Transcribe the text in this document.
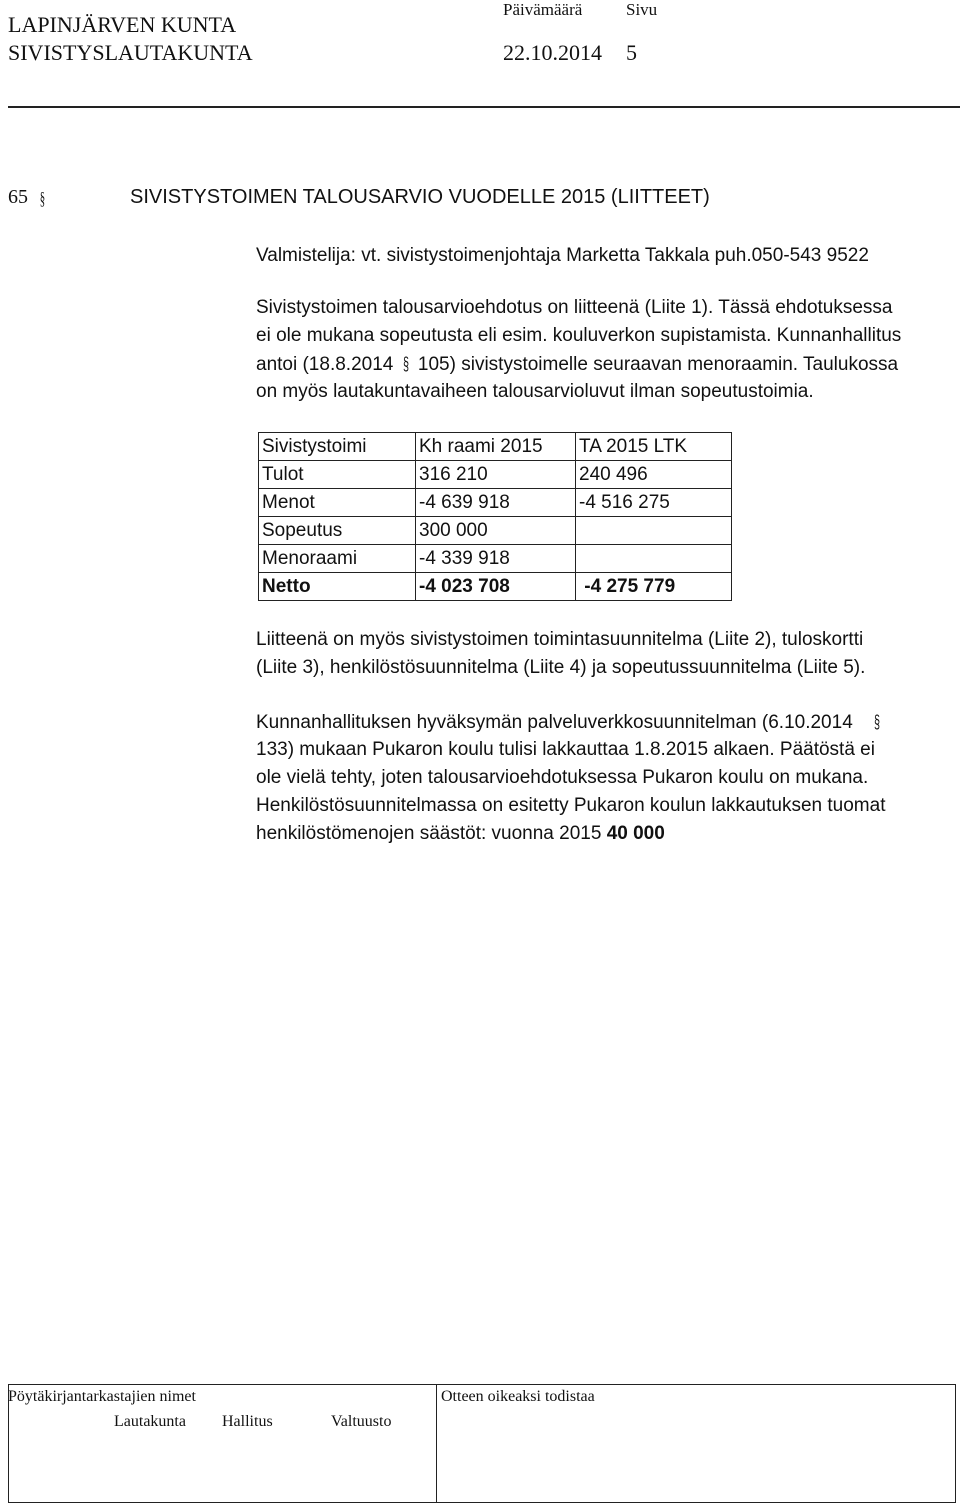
LAPINJÄRVEN KUNTA
SIVISTYSLAUTAKUNTA
Päivämäärä	Sivu
22.10.2014 5
65 §	SIVISTYSTOIMEN TALOUSARVIO VUODELLE 2015 (LIITTEET)
Valmistelija: vt. sivistystoimenjohtaja Marketta Takkala puh.050-543 9522
Sivistystoimen talousarvioehdotus on liitteenä (Liite 1). Tässä ehdotuksessa
ei ole mukana sopeutusta eli esim. kouluverkon supistamista. Kunnanhallitus
antoi (18.8.2014 § 105) sivistystoimelle seuraavan menoraamin. Taulukossa
on myös lautakuntavaiheen talousarvioluvut ilman sopeutustoimia.
Sivistystoimi	Kh raami 2015	TA 2015 LTK
Tulot	316 210	240 496
Menot	-4 639 918	-4 516 275
Sopeutus	300 000	
Menoraami	-4 339 918	
Netto	-4 023 708	-4 275 779
Liitteenä on myös sivistystoimen toimintasuunnitelma (Liite 2), tuloskortti
(Liite 3), henkilöstösuunnitelma (Liite 4) ja sopeutussuunnitelma (Liite 5).
Kunnanhallituksen hyväksymän palveluverkkosuunnitelman (6.10.2014 §
133) mukaan Pukaron koulu tulisi lakkauttaa 1.8.2015 alkaen. Päätöstä ei
ole vielä tehty, joten talousarvioehdotuksessa Pukaron koulu on mukana.
Henkilöstösuunnitelmassa on esitetty Pukaron koulun lakkautuksen tuomat
henkilöstömenojen säästöt: vuonna 2015 40 000
Pöytäkirjantarkastajien nimet	Otteen oikeaksi todistaa
Lautakunta Hallitus	Valtuusto
